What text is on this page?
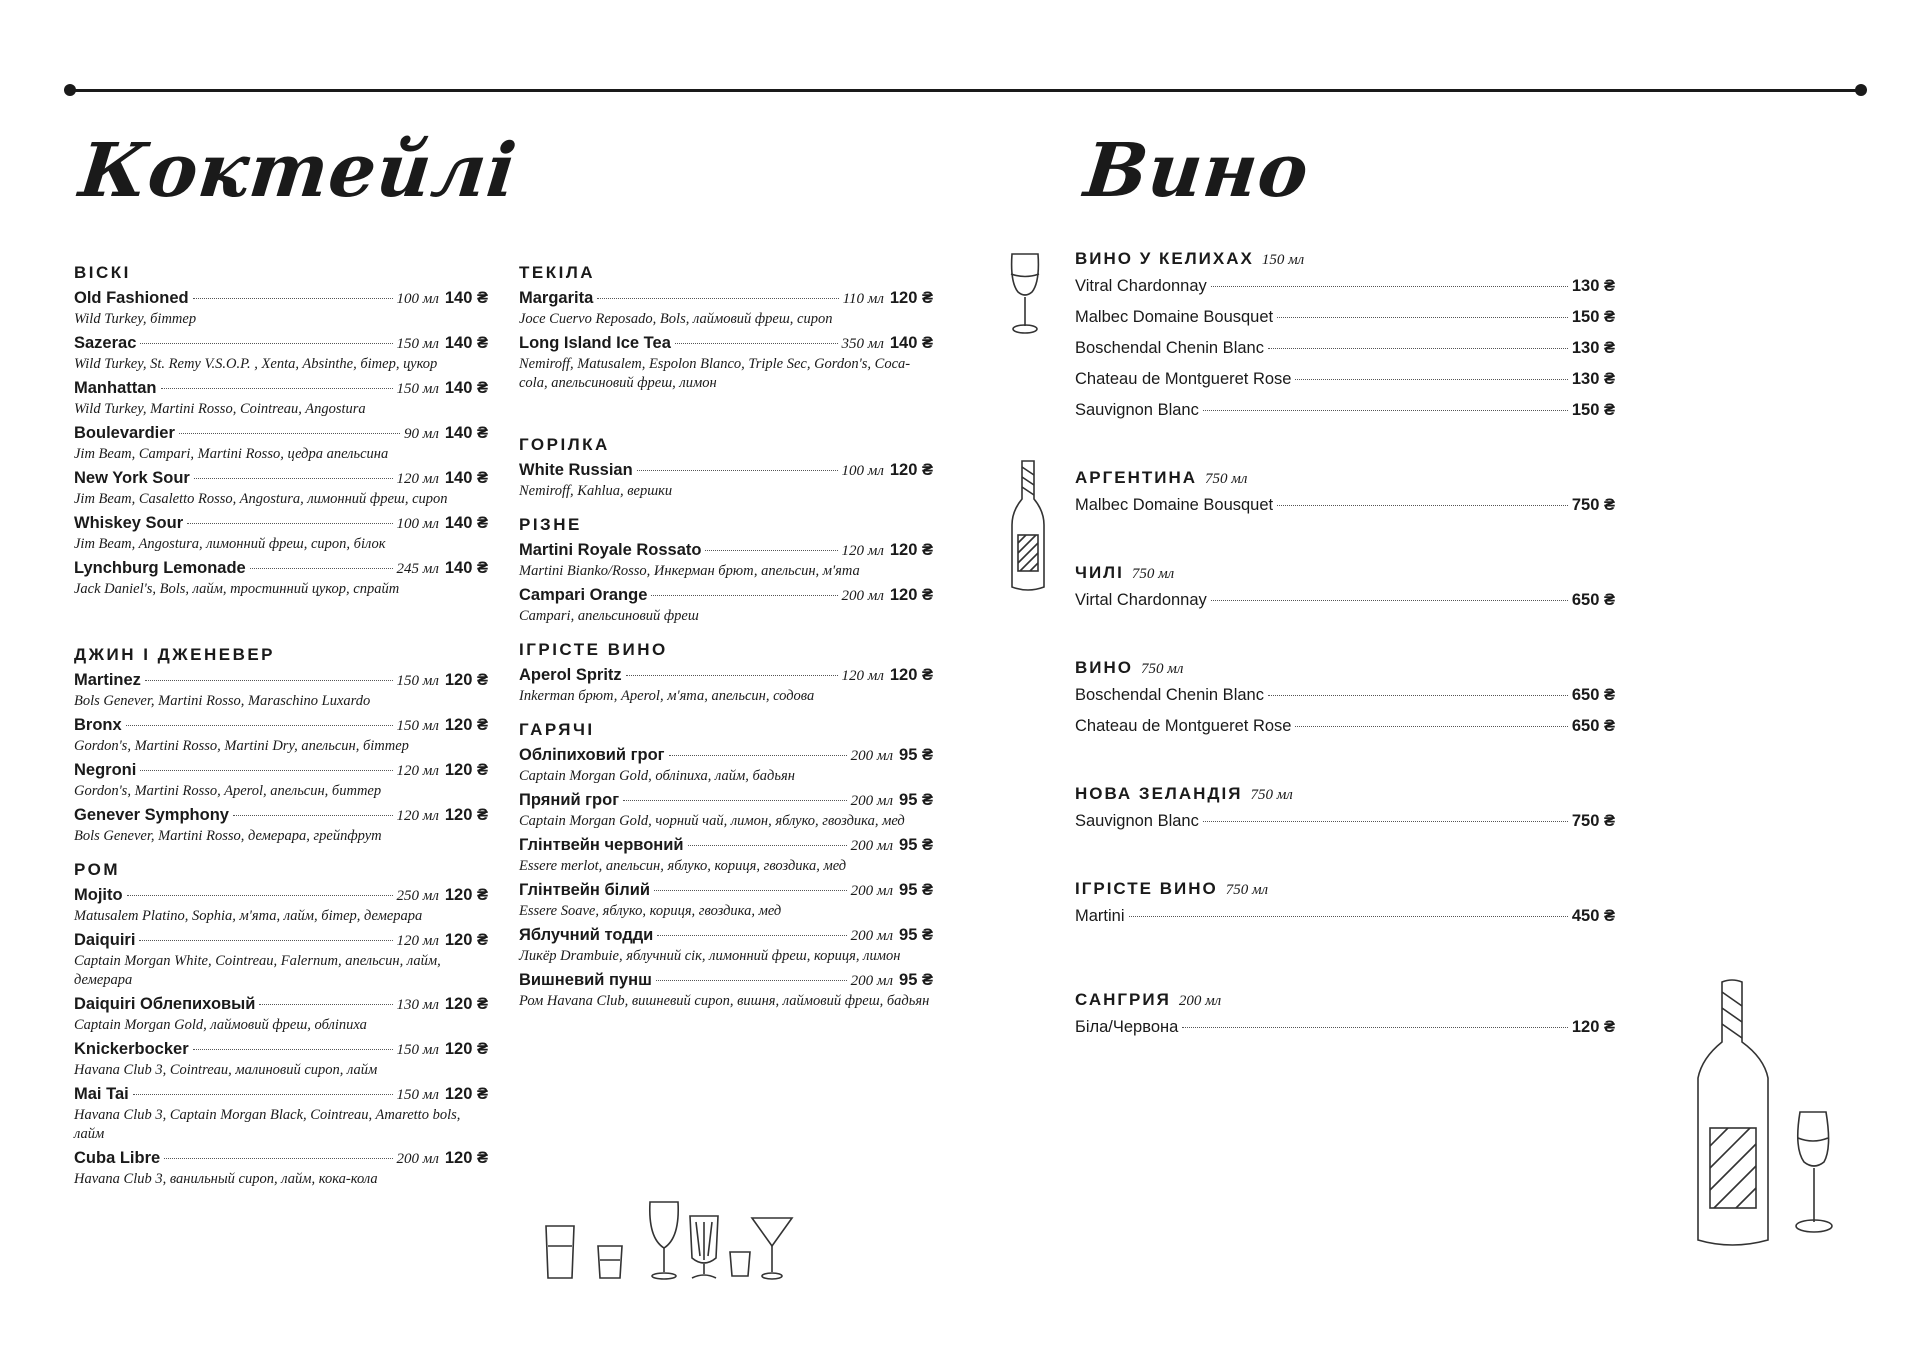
Коктейлі	Вино
ВІСКІ
Old Fashioned	100 мл 140 ₴
Wild Turkey, біттер
Sazerac	150 мл 140 ₴
Wild Turkey, St. Remy V.S.O.P. , Xenta, Absinthe, бітер, цукор
Manhattan	150 мл 140 ₴
Wild Turkey, Martini Rosso, Cointreau, Angostura
Boulevardier	90 мл 140 ₴
Jim Beam, Campari, Martini Rosso, цедра апельсина
New York Sour	120 мл 140 ₴
Jim Beam, Casaletto Rosso, Angostura, лимонний фреш, сироп
Whiskey Sour	100 мл 140 ₴
Jim Beam, Angostura, лимонний фреш, сироп, білок
Lynchburg Lemonade	245 мл 140 ₴
Jack Daniel's, Bols, лайм, тростинний цукор, спрайт
ДЖИН І ДЖЕНЕВЕР
Martinez	150 мл 120 ₴
Bols Genever, Martini Rosso, Maraschino Luxardo
Bronx	150 мл 120 ₴
Gordon's, Martini Rosso, Martini Dry, апельсин, біттер
Negroni	120 мл 120 ₴
Gordon's, Martini Rosso, Aperol, апельсин, биттер
Genever Symphony	120 мл 120 ₴
Bols Genever, Martini Rosso, демерара, грейпфрут
РОМ
Mojito	250 мл 120 ₴
Matusalem Platino, Sophia, м'ята, лайм, бітер, демерара
Daiquiri	120 мл 120 ₴
Captain Morgan White, Cointreau, Falernum, апельсин, лайм, демерара
Daiquiri Облепиховый	130 мл 120 ₴
Captain Morgan Gold, лаймовий фреш, обліпиха
Knickerbocker	150 мл 120 ₴
Havana Club 3, Cointreau, малиновий сироп, лайм
Mai Tai	150 мл 120 ₴
Havana Club 3, Captain Morgan Black, Cointreau, Amaretto bols, лайм
Cuba Libre	200 мл 120 ₴
Havana Club 3, ванильный сироп, лайм, кока-кола
ТЕКІЛА
Margarita	110 мл 120 ₴
Joce Cuervo Reposado, Bols, лаймовий фреш, сироп
Long Island Ice Tea	350 мл 140 ₴
Nemiroff, Matusalem, Espolon Blanco, Triple Sec, Gordon's, Coca-cola, апельсиновий фреш, лимон
ГОРІЛКА
White Russian	100 мл 120 ₴
Nemiroff, Kahlua, вершки
РІЗНЕ
Martini Royale Rossato	120 мл 120 ₴
Martini Bianko/Rosso, Инкерман брют, апельсин, м'ята
Campari Orange	200 мл 120 ₴
Campari, апельсиновий фреш
ІГРІСТЕ ВИНО
Aperol Spritz	120 мл 120 ₴
Inkerman брют, Aperol, м'ята, апельсин, содова
ГАРЯЧІ
Обліпиховий грог	200 мл 95 ₴
Captain Morgan Gold, обліпиха, лайм, бадьян
Пряний грог	200 мл 95 ₴
Captain Morgan Gold, чорний чай, лимон, яблуко, гвоздика, мед
Глінтвейн червоний	200 мл 95 ₴
Essere merlot, апельсин, яблуко, кориця, гвоздика, мед
Глінтвейн білий	200 мл 95 ₴
Essere Soave, яблуко, кориця, гвоздика, мед
Яблучний тодди	200 мл 95 ₴
Ликёр Drambuie, яблучний сік, лимонний фреш, кориця, лимон
Вишневий пунш	200 мл 95 ₴
Ром Havana Club, вишневий сироп, вишня, лаймовий фреш, бадьян
ВИНО У КЕЛИХАХ 150 мл
Vitral Chardonnay	130 ₴
Malbec Domaine Bousquet	150 ₴
Boschendal Chenin Blanc	130 ₴
Chateau de Montgueret Rose	130 ₴
Sauvignon Blanc	150 ₴
АРГЕНТИНА 750 мл
Malbec Domaine Bousquet	750 ₴
ЧИЛІ 750 мл
Virtal Chardonnay	650 ₴
ВИНО 750 мл
Boschendal Chenin Blanc	650 ₴
Chateau de Montgueret Rose	650 ₴
НОВА ЗЕЛАНДІЯ 750 мл
Sauvignon Blanc	750 ₴
ІГРІСТЕ ВИНО 750 мл
Martini	450 ₴
САНГРИЯ 200 мл
Біла/Червона	120 ₴
